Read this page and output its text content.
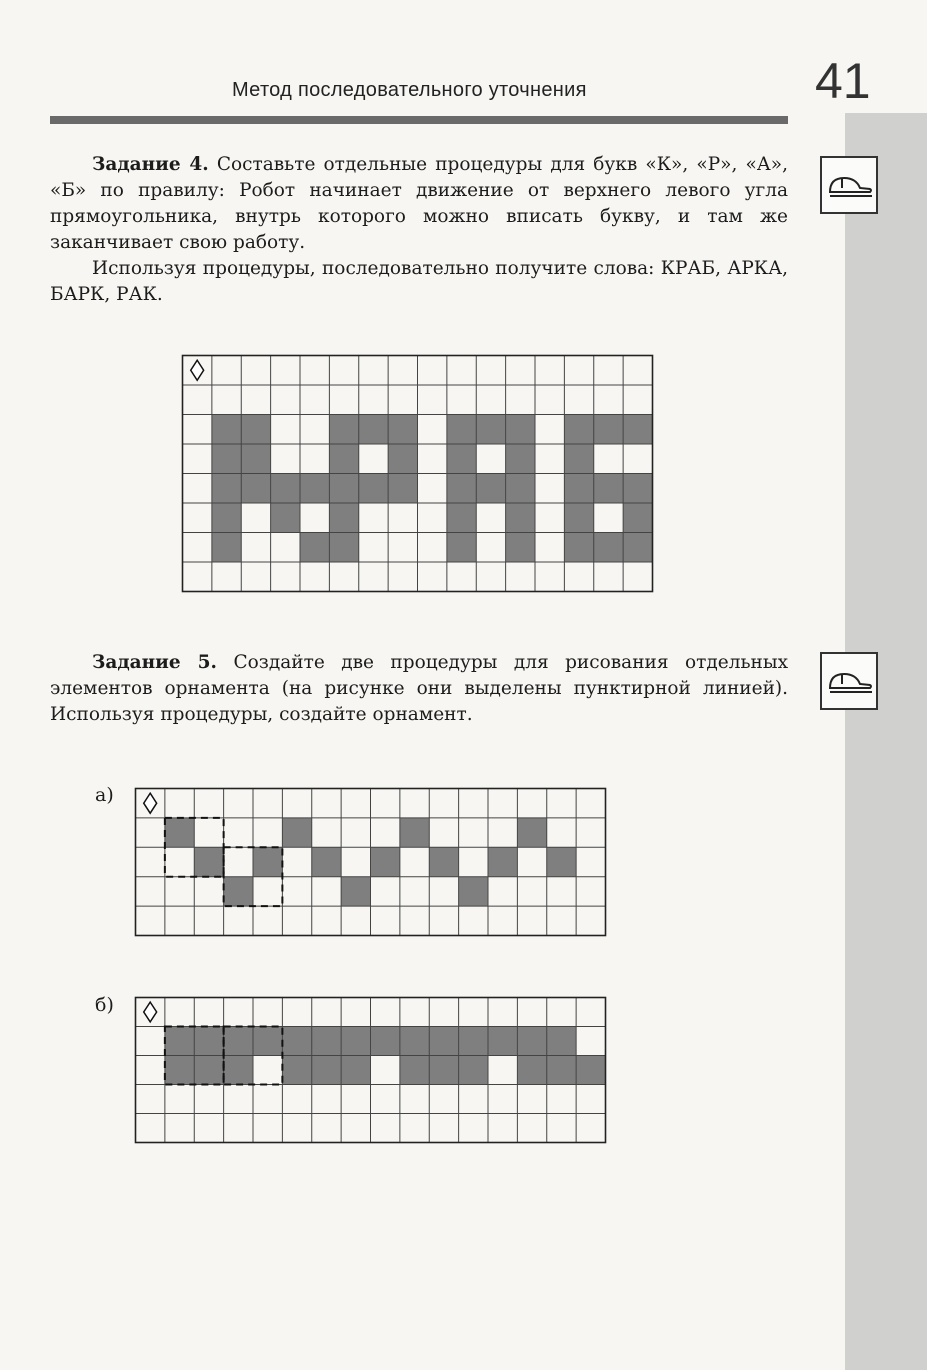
Метод последовательного уточнения	41

Задание 4. Составьте отдельные процедуры для букв «К», «Р», «А», «Б» по правилу: Робот начинает движение от верхнего левого угла прямоугольника, внутрь которого можно вписать букву, и там же заканчивает свою работу.

Используя процедуры, последовательно получите слова: КРАБ, АРКА, БАРК, РАК.

Задание 5. Создайте две процедуры для рисования отдельных элементов орнамента (на рисунке они выделены пунктирной линией). Используя процедуры, создайте орнамент.

а)
б)
